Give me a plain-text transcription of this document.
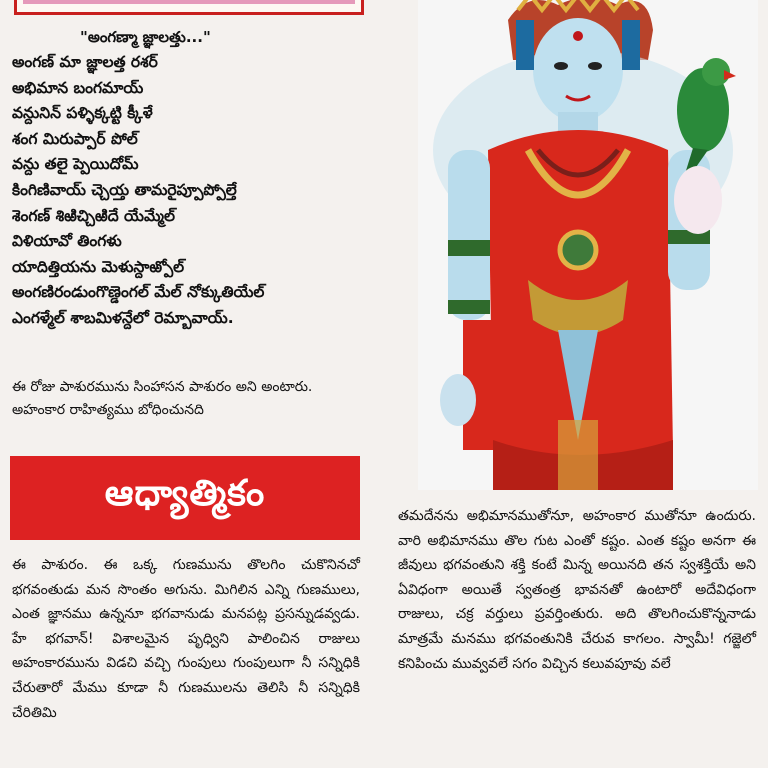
"అంగణ్మా జ్ఞాలత్తు..."
అంగణ్ మా జ్ఞాలత్త రశర్
అభిమాన బంగమాయ్
వన్దునిన్ పళ్ళిక్కట్టి క్కీళే
శంగ మిరుప్పార్ పోల్
వన్దు తలై ప్పెయిదోమ్
కింగిణివాయ్ చ్చెయ్త తామరైప్పూప్పోల్తే
శెంగణ్ శిఱిచ్చిఱిదే యేమ్మేల్
విళియావో తింగళు
యాదిత్తియను మెళుస్దాఱ్పోల్
అంగణిరండుంగొణ్డెంగల్ మేల్ నోక్కుతియేల్
ఎంగళ్మేల్ శాబమిళన్దేలో రెమ్బావాయ్.
ఈ రోజు పాశురమును సింహాసన పాశురం అని అంటారు. అహంకార రాహిత్యము బోధించునది
ఆధ్యాత్మికం
ఈ పాశురం. ఈ ఒక్క గుణమును తొలగిం చుకొనినచో భగవంతుడు మన సొంతం అగును. మిగిలిన ఎన్ని గుణములు, ఎంత జ్ఞానము ఉన్ననూ భగవానుడు మనపట్ల ప్రసన్నుడవ్వడు. హే భగవాన్! విశాలమైన పృధ్విని పాలించిన రాజులు అహంకారమును విడచి వచ్చి గుంపులు గుంపులుగా నీ సన్నిధికి చేరుతారో మేము కూడా నీ గుణములను తెలిసి నీ సన్నిధికి చేరితిమి
తమదేనను అభిమానముతోనూ, అహంకార ముతోనూ ఉందురు. వారి అభిమానము తొల గుట ఎంతో కష్టం. ఎంత కష్టం అనగా ఈ జీవులు భగవంతుని శక్తి కంటే మిన్న అయినది తన స్వశక్తియే అని ఏవిధంగా అయితే స్వతంత్ర భావనతో ఉంటారో అదేవిధంగా రాజులు, చక్ర వర్తులు ప్రవర్తింతురు. అది తొలగించుకొన్ననాడు మాత్రమే మనము భగవంతునికి చేరువ కాగలం. స్వామీ! గజ్జెలో కనిపించు మువ్వవలే సగం విచ్చిన కలువపూవు వలే
